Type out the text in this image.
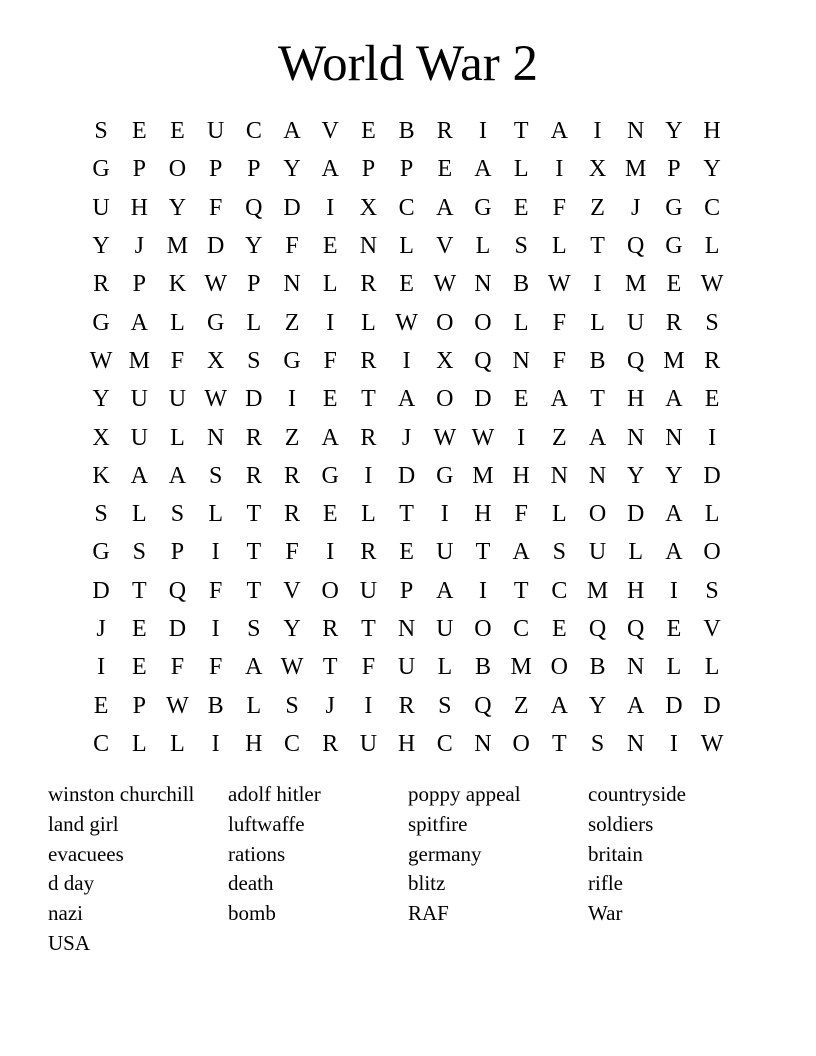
World War 2
S	E E U C A V E B R	I	T A	I	N Y H
G P O P	P Y A P	P	E A L	I	X M P Y
U H Y F Q D	I	X C A G E	F	Z	J	G C
Y	J M D Y F	E N L V L	S	L T Q G L
R P K W P N L R E W N B W I M E W
G A L G L Z	I	L W O O L	F	L U R S
W M F X S G F R	I	X Q N F B Q M R
Y U U W D	I	E T A O D E A T H A E
X U L N R Z A R	J W W I	Z A N N	I
K A A S R R G	I	D G M H N N Y Y D
S	L	S	L T R E L T	I	H F	L O D A L
G S	P	I	T	F	I	R E U T A S U L A O
D T Q F	T V O U P A	I	T C M H	I	S
J	E D	I	S Y R T N U O C E Q Q E V
I	E	F	F A W T	F U L B M O B N L L
E	P W B L	S	J	I	R S Q Z A Y A D D
C L L	I	H C R U H C N O T	S N	I W
winston churchill	adolf hitler	poppy appeal	countryside
land girl	luftwaffe	spitfire	soldiers
evacuees	rations	germany	britain
d day	death	blitz	rifle
nazi	bomb	RAF	War
USA
